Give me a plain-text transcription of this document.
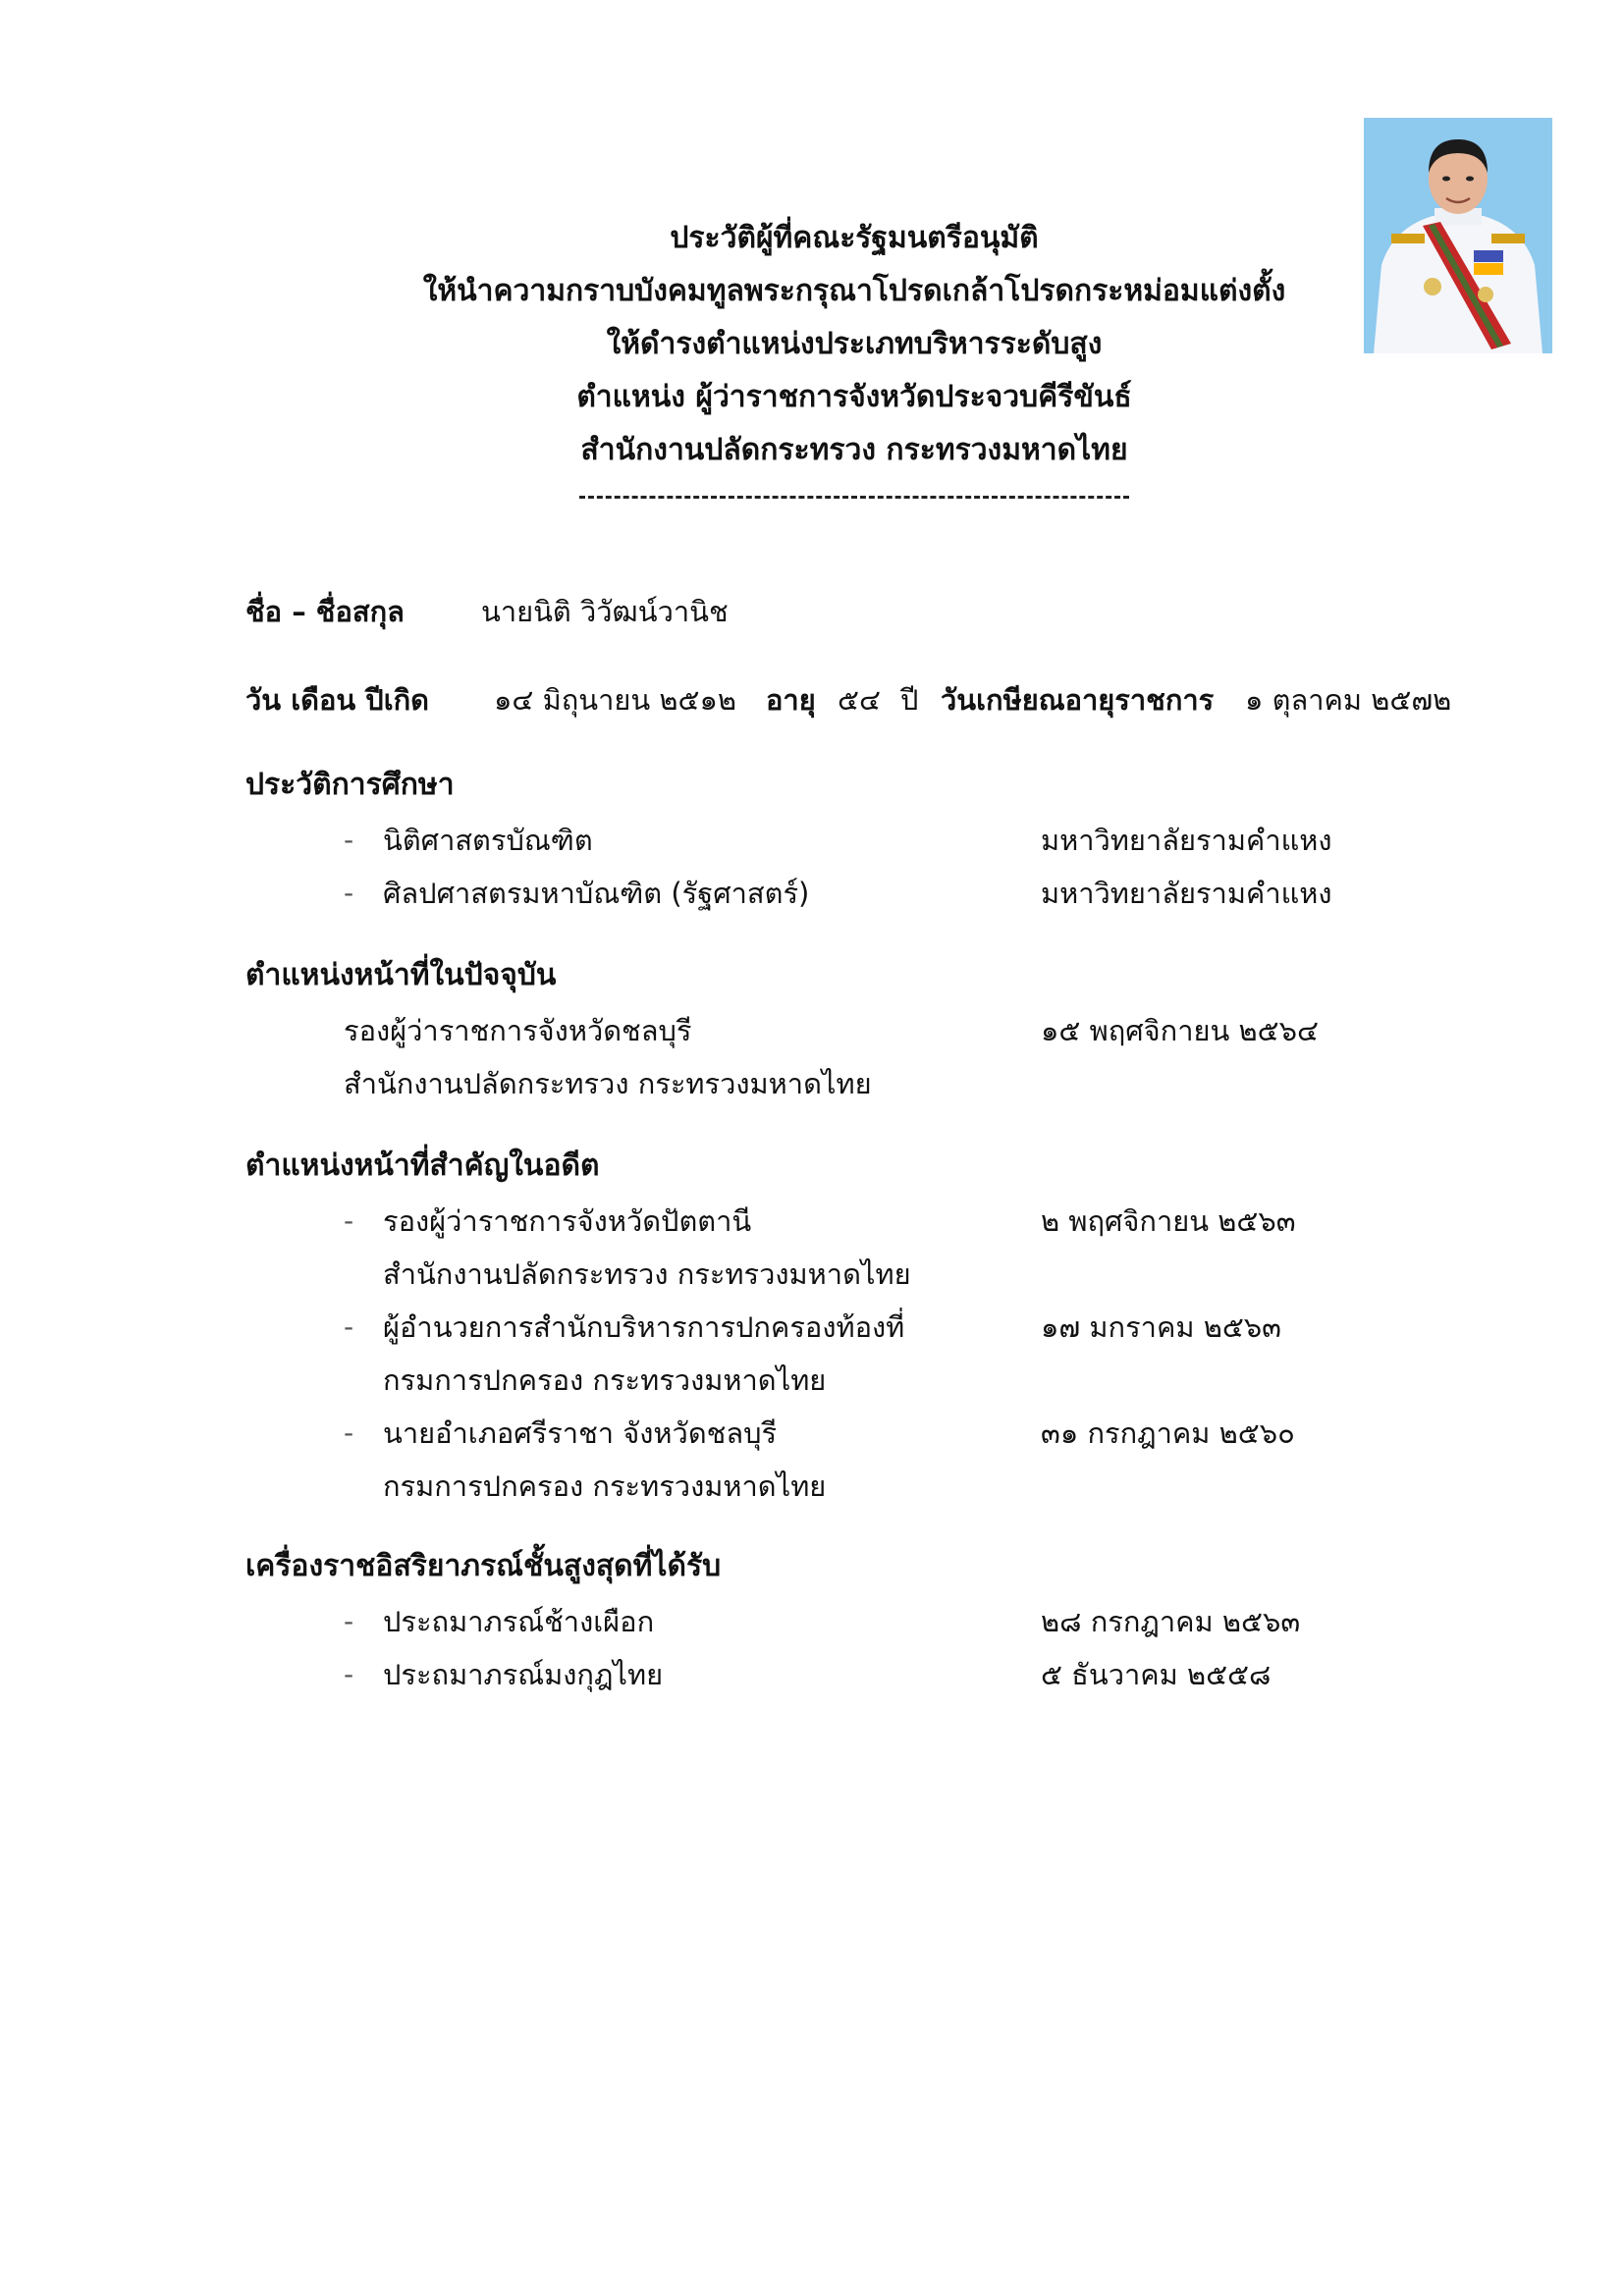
ประวัติผู้ที่คณะรัฐมนตรีอนุมัติ
ให้นำความกราบบังคมทูลพระกรุณาโปรดเกล้าโปรดกระหม่อมแต่งตั้ง
ให้ดำรงตำแหน่งประเภทบริหารระดับสูง
ตำแหน่ง ผู้ว่าราชการจังหวัดประจวบคีรีขันธ์
สำนักงานปลัดกระทรวง กระทรวงมหาดไทย
ชื่อ – ชื่อสกุล	นายนิติ วิวัฒน์วานิช
วัน เดือน ปีเกิด ๑๔ มิถุนายน ๒๕๑๒ อายุ ๕๔ ปี วันเกษียณอายุราชการ ๑ ตุลาคม ๒๕๗๒
ประวัติการศึกษา
- นิติศาสตรบัณฑิต	มหาวิทยาลัยรามคำแหง
- ศิลปศาสตรมหาบัณฑิต (รัฐศาสตร์)	มหาวิทยาลัยรามคำแหง
ตำแหน่งหน้าที่ในปัจจุบัน
รองผู้ว่าราชการจังหวัดชลบุรี	๑๕ พฤศจิกายน ๒๕๖๔
สำนักงานปลัดกระทรวง กระทรวงมหาดไทย
ตำแหน่งหน้าที่สำคัญในอดีต
- รองผู้ว่าราชการจังหวัดปัตตานี	๒ พฤศจิกายน ๒๕๖๓
สำนักงานปลัดกระทรวง กระทรวงมหาดไทย
- ผู้อำนวยการสำนักบริหารการปกครองท้องที่	๑๗ มกราคม ๒๕๖๓
กรมการปกครอง กระทรวงมหาดไทย
- นายอำเภอศรีราชา จังหวัดชลบุรี	๓๑ กรกฎาคม ๒๕๖๐
กรมการปกครอง กระทรวงมหาดไทย
เครื่องราชอิสริยาภรณ์ชั้นสูงสุดที่ได้รับ
- ประถมาภรณ์ช้างเผือก	๒๘ กรกฎาคม ๒๕๖๓
- ประถมาภรณ์มงกุฎไทย	๕ ธันวาคม ๒๕๕๘
